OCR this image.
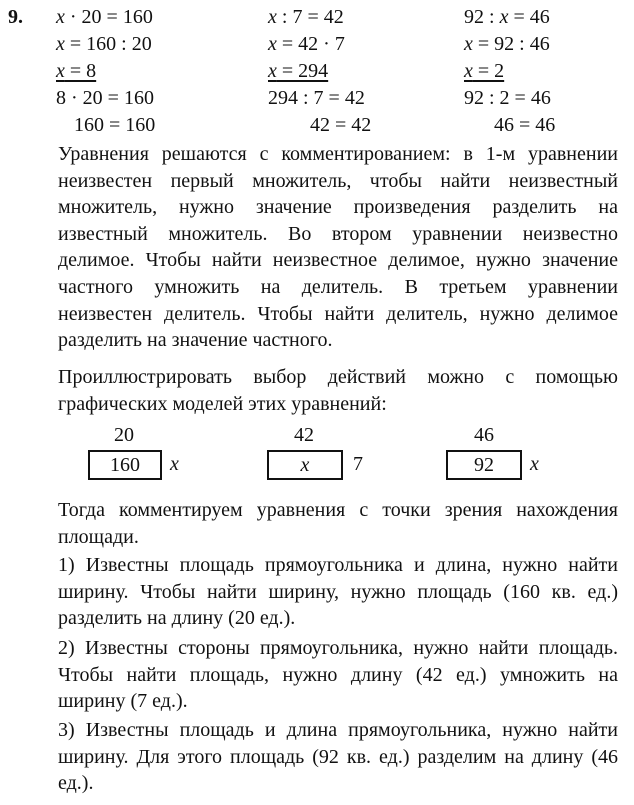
9. x · 20 = 160
x = 160 : 20
x = 8
8 · 20 = 160
160 = 160
x : 7 = 42
x = 42 · 7
x = 294
294 : 7 = 42
42 = 42
92 : x = 46
x = 92 : 46
x = 2
92 : 2 = 46
46 = 46
Уравнения решаются с комментированием: в 1-м уравнении неизвестен первый множитель, чтобы найти неизвестный множитель, нужно значение произведения разделить на известный множитель. Во втором уравнении неизвестно делимое. Чтобы найти неизвестное делимое, нужно значение частного умножить на делитель. В третьем уравнении неизвестен делитель. Чтобы найти делитель, нужно делимое разделить на значение частного.
Проиллюстрировать выбор действий можно с помощью графических моделей этих уравнений:
20
160	x
42
x	7
46
92	x
Тогда комментируем уравнения с точки зрения нахождения площади.
1) Известны площадь прямоугольника и длина, нужно найти ширину. Чтобы найти ширину, нужно площадь (160 кв. ед.) разделить на длину (20 ед.).
2) Известны стороны прямоугольника, нужно найти площадь. Чтобы найти площадь, нужно длину (42 ед.) умножить на ширину (7 ед.).
3) Известны площадь и длина прямоугольника, нужно найти ширину. Для этого площадь (92 кв. ед.) разделим на длину (46 ед.).
